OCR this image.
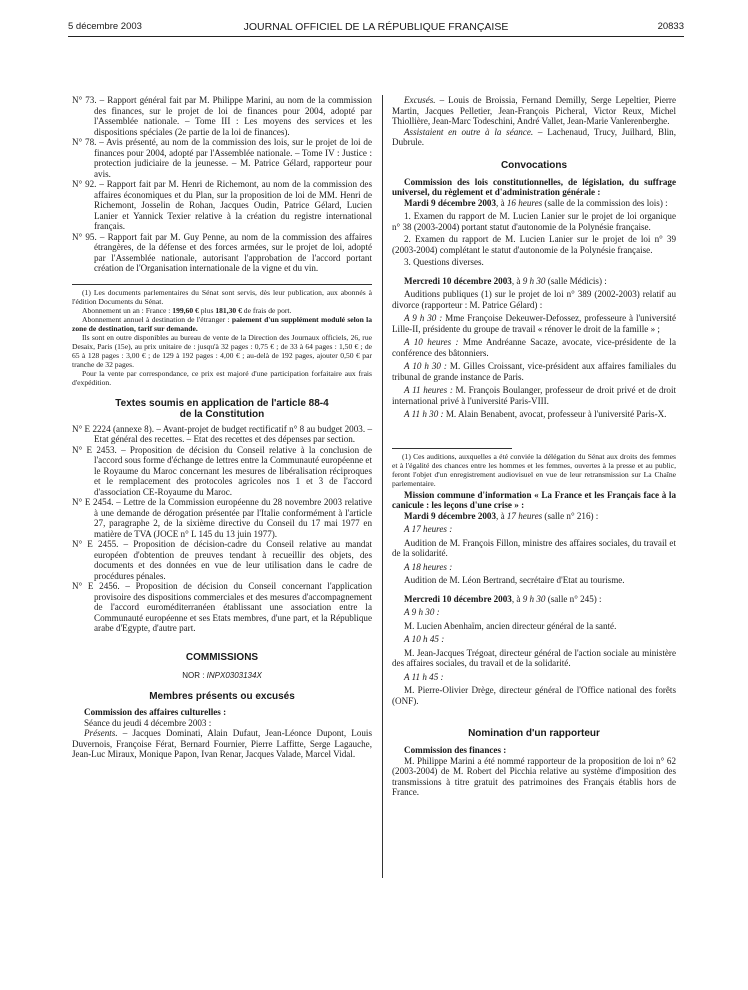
5 décembre 2003	JOURNAL OFFICIEL DE LA RÉPUBLIQUE FRANÇAISE	20833

N° 73. – Rapport général fait par M. Philippe Marini, au nom de la commission des finances, sur le projet de loi de finances pour 2004, adopté par l'Assemblée nationale. – Tome III : Les moyens des services et les dispositions spéciales (2e partie de la loi de finances).

N° 78. – Avis présenté, au nom de la commission des lois, sur le projet de loi de finances pour 2004, adopté par l'Assemblée nationale. – Tome IV : Justice : protection judiciaire de la jeunesse. – M. Patrice Gélard, rapporteur pour avis.

N° 92. – Rapport fait par M. Henri de Richemont, au nom de la commission des affaires économiques et du Plan, sur la proposition de loi de MM. Henri de Richemont, Josselin de Rohan, Jacques Oudin, Patrice Gélard, Lucien Lanier et Yannick Texier relative à la création du registre international français.

N° 95. – Rapport fait par M. Guy Penne, au nom de la commission des affaires étrangères, de la défense et des forces armées, sur le projet de loi, adopté par l'Assemblée nationale, autorisant l'approbation de l'accord portant création de l'Organisation internationale de la vigne et du vin.

(1) Les documents parlementaires du Sénat sont servis, dès leur publication, aux abonnés à l'édition Documents du Sénat.

Abonnement un an : France : 199,60 € plus 181,30 € de frais de port.

Abonnement annuel à destination de l'étranger : paiement d'un supplément modulé selon la zone de destination, tarif sur demande.

Ils sont en outre disponibles au bureau de vente de la Direction des Journaux officiels, 26, rue Desaix, Paris (15e), au prix unitaire de : jusqu'à 32 pages : 0,75 € ; de 33 à 64 pages : 1,50 € ; de 65 à 128 pages : 3,00 € ; de 129 à 192 pages : 4,00 € ; au-delà de 192 pages, ajouter 0,50 € par tranche de 32 pages.

Pour la vente par correspondance, ce prix est majoré d'une participation forfaitaire aux frais d'expédition.

Textes soumis en application de l'article 88-4 de la Constitution

N° E 2224 (annexe 8). – Avant-projet de budget rectificatif n° 8 au budget 2003. – Etat général des recettes. – Etat des recettes et des dépenses par section.

N° E 2453. – Proposition de décision du Conseil relative à la conclusion de l'accord sous forme d'échange de lettres entre la Communauté européenne et le Royaume du Maroc concernant les mesures de libéralisation réciproques et le remplacement des protocoles agricoles nos 1 et 3 de l'accord d'association CE-Royaume du Maroc.

N° E 2454. – Lettre de la Commission européenne du 28 novembre 2003 relative à une demande de dérogation présentée par l'Italie conformément à l'article 27, paragraphe 2, de la sixième directive du Conseil du 17 mai 1977 en matière de TVA (JOCE n° L 145 du 13 juin 1977).

N° E 2455. – Proposition de décision-cadre du Conseil relative au mandat européen d'obtention de preuves tendant à recueillir des objets, des documents et des données en vue de leur utilisation dans le cadre de procédures pénales.

N° E 2456. – Proposition de décision du Conseil concernant l'application provisoire des dispositions commerciales et des mesures d'accompagnement de l'accord euroméditerranéen établissant une association entre la Communauté européenne et ses Etats membres, d'une part, et la République arabe d'Egypte, d'autre part.

COMMISSIONS

NOR : INPX0303134X

Membres présents ou excusés

Commission des affaires culturelles :

Séance du jeudi 4 décembre 2003 :

Présents. – Jacques Dominati, Alain Dufaut, Jean-Léonce Dupont, Louis Duvernois, Françoise Férat, Bernard Fournier, Pierre Laffitte, Serge Lagauche, Jean-Luc Miraux, Monique Papon, Ivan Renar, Jacques Valade, Marcel Vidal.

Excusés. – Louis de Broissia, Fernand Demilly, Serge Lepeltier, Pierre Martin, Jacques Pelletier, Jean-François Picheral, Victor Reux, Michel Thiollière, Jean-Marc Todeschini, André Vallet, Jean-Marie Vanlerenberghe.

Assistaient en outre à la séance. – Lachenaud, Trucy, Juilhard, Blin, Dubrule.

Convocations

Commission des lois constitutionnelles, de législation, du suffrage universel, du règlement et d'administration générale :

Mardi 9 décembre 2003, à 16 heures (salle de la commission des lois) :

1. Examen du rapport de M. Lucien Lanier sur le projet de loi organique n° 38 (2003-2004) portant statut d'autonomie de la Polynésie française.

2. Examen du rapport de M. Lucien Lanier sur le projet de loi n° 39 (2003-2004) complétant le statut d'autonomie de la Polynésie française.

3. Questions diverses.

Mercredi 10 décembre 2003, à 9 h 30 (salle Médicis) :

Auditions publiques (1) sur le projet de loi n° 389 (2002-2003) relatif au divorce (rapporteur : M. Patrice Gélard) :

A 9 h 30 : Mme Françoise Dekeuwer-Defossez, professeure à l'université Lille-II, présidente du groupe de travail « rénover le droit de la famille » ;

A 10 heures : Mme Andréanne Sacaze, avocate, vice-présidente de la conférence des bâtonniers.

A 10 h 30 : M. Gilles Croissant, vice-président aux affaires familiales du tribunal de grande instance de Paris.

A 11 heures : M. François Boulanger, professeur de droit privé et de droit international privé à l'université Paris-VIII.

A 11 h 30 : M. Alain Benabent, avocat, professeur à l'université Paris-X.

(1) Ces auditions, auxquelles a été conviée la délégation du Sénat aux droits des femmes et à l'égalité des chances entre les hommes et les femmes, ouvertes à la presse et au public, feront l'objet d'un enregistrement audiovisuel en vue de leur retransmission sur La Chaîne parlementaire.

Mission commune d'information « La France et les Français face à la canicule : les leçons d'une crise » :

Mardi 9 décembre 2003, à 17 heures (salle n° 216) :

A 17 heures :

Audition de M. François Fillon, ministre des affaires sociales, du travail et de la solidarité.

A 18 heures :

Audition de M. Léon Bertrand, secrétaire d'Etat au tourisme.

Mercredi 10 décembre 2003, à 9 h 30 (salle n° 245) :

A 9 h 30 :

M. Lucien Abenhaïm, ancien directeur général de la santé.

A 10 h 45 :

M. Jean-Jacques Trégoat, directeur général de l'action sociale au ministère des affaires sociales, du travail et de la solidarité.

A 11 h 45 :

M. Pierre-Olivier Drège, directeur général de l'Office national des forêts (ONF).

Nomination d'un rapporteur

Commission des finances :

M. Philippe Marini a été nommé rapporteur de la proposition de loi n° 62 (2003-2004) de M. Robert del Picchia relative au système d'imposition des transmissions à titre gratuit des patrimoines des Français établis hors de France.
